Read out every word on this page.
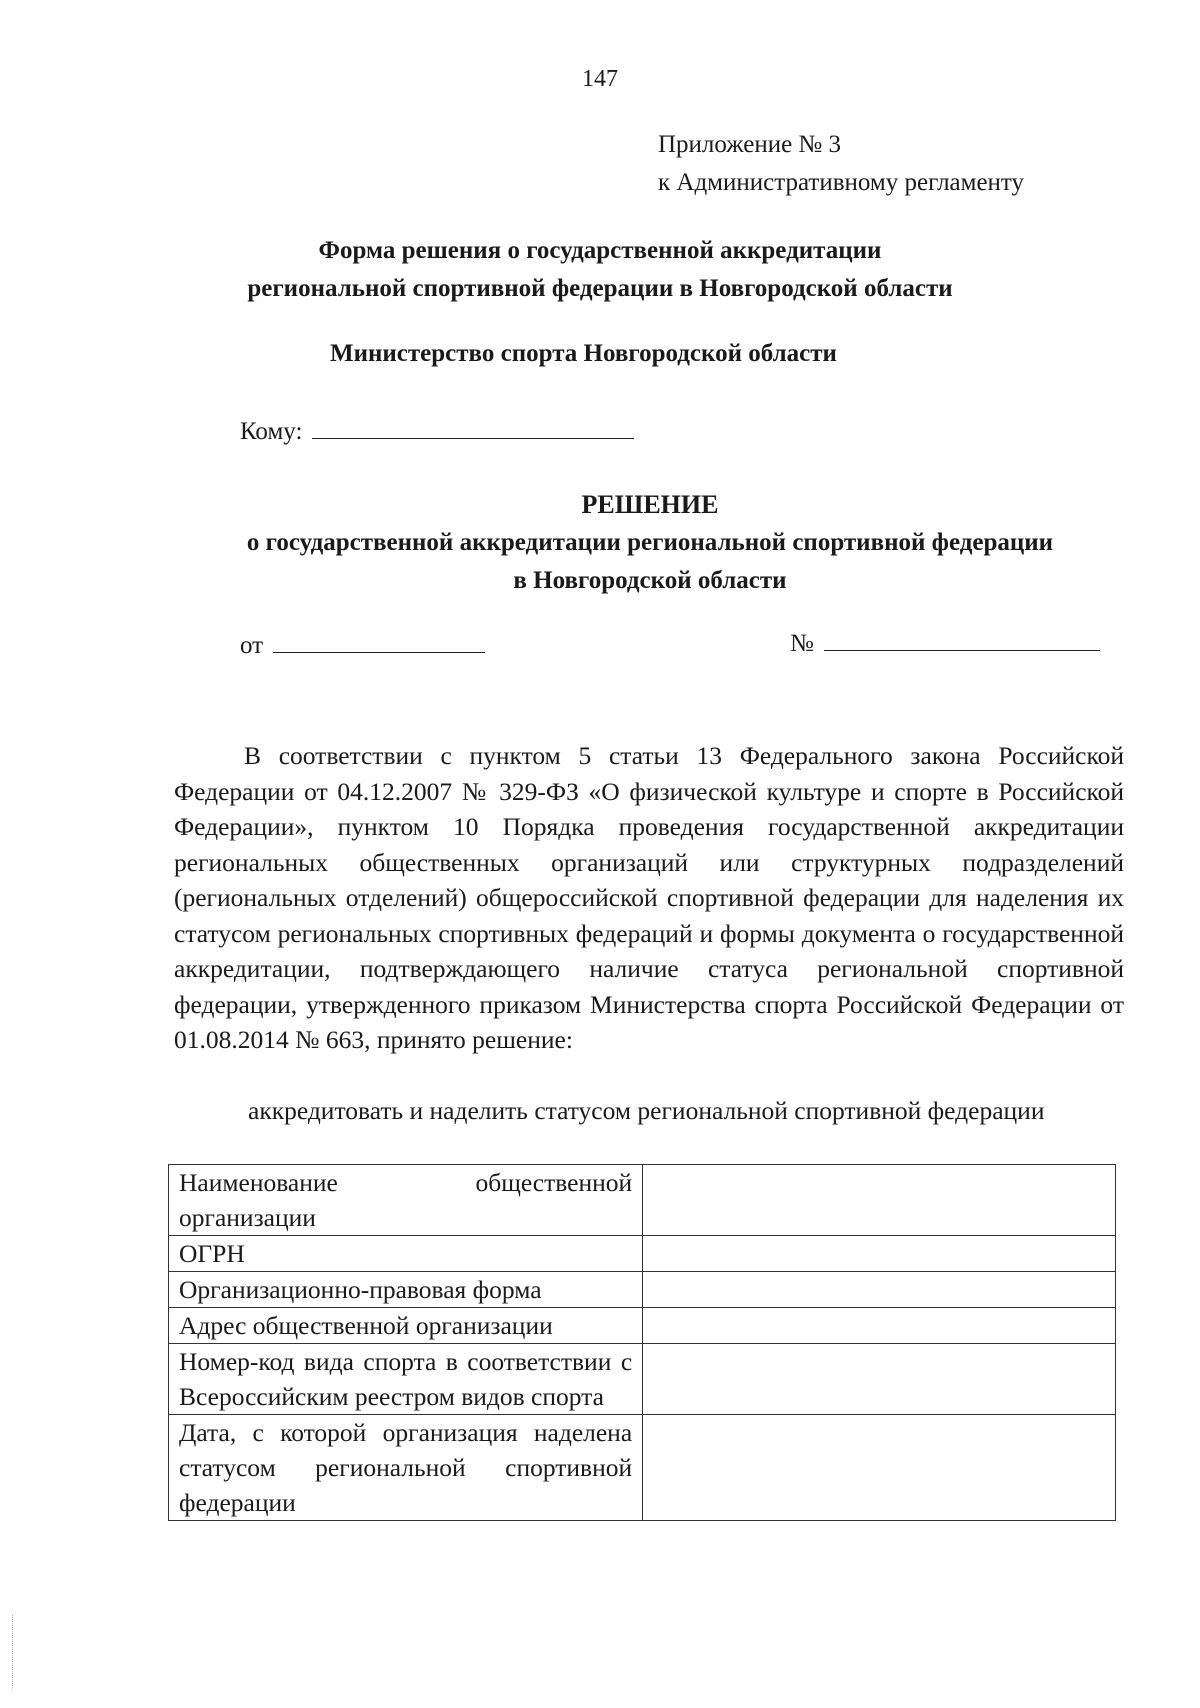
147
Приложение № 3
к Административному регламенту
Форма решения о государственной аккредитации
региональной спортивной федерации в Новгородской области
Министерство спорта Новгородской области
Кому:
РЕШЕНИЕ
о государственной аккредитации региональной спортивной федерации
в Новгородской области
от	№
В соответствии с пунктом 5 статьи 13 Федерального закона Российской Федерации от 04.12.2007 № 329-ФЗ «О физической культуре и спорте в Российской Федерации», пунктом 10 Порядка проведения государственной аккредитации региональных общественных организаций или структурных подразделений (региональных отделений) общероссийской спортивной федерации для наделения их статусом региональных спортивных федераций и формы документа о государственной аккредитации, подтверждающего наличие статуса региональной спортивной федерации, утвержденного приказом Министерства спорта Российской Федерации от 01.08.2014 № 663, принято решение:
аккредитовать и наделить статусом региональной спортивной федерации
Наименование общественной организации	
ОГРН	
Организационно-правовая форма	
Адрес общественной организации	
Номер-код вида спорта в соответствии с Всероссийским реестром видов спорта	
Дата, с которой организация наделена статусом региональной спортивной федерации	
